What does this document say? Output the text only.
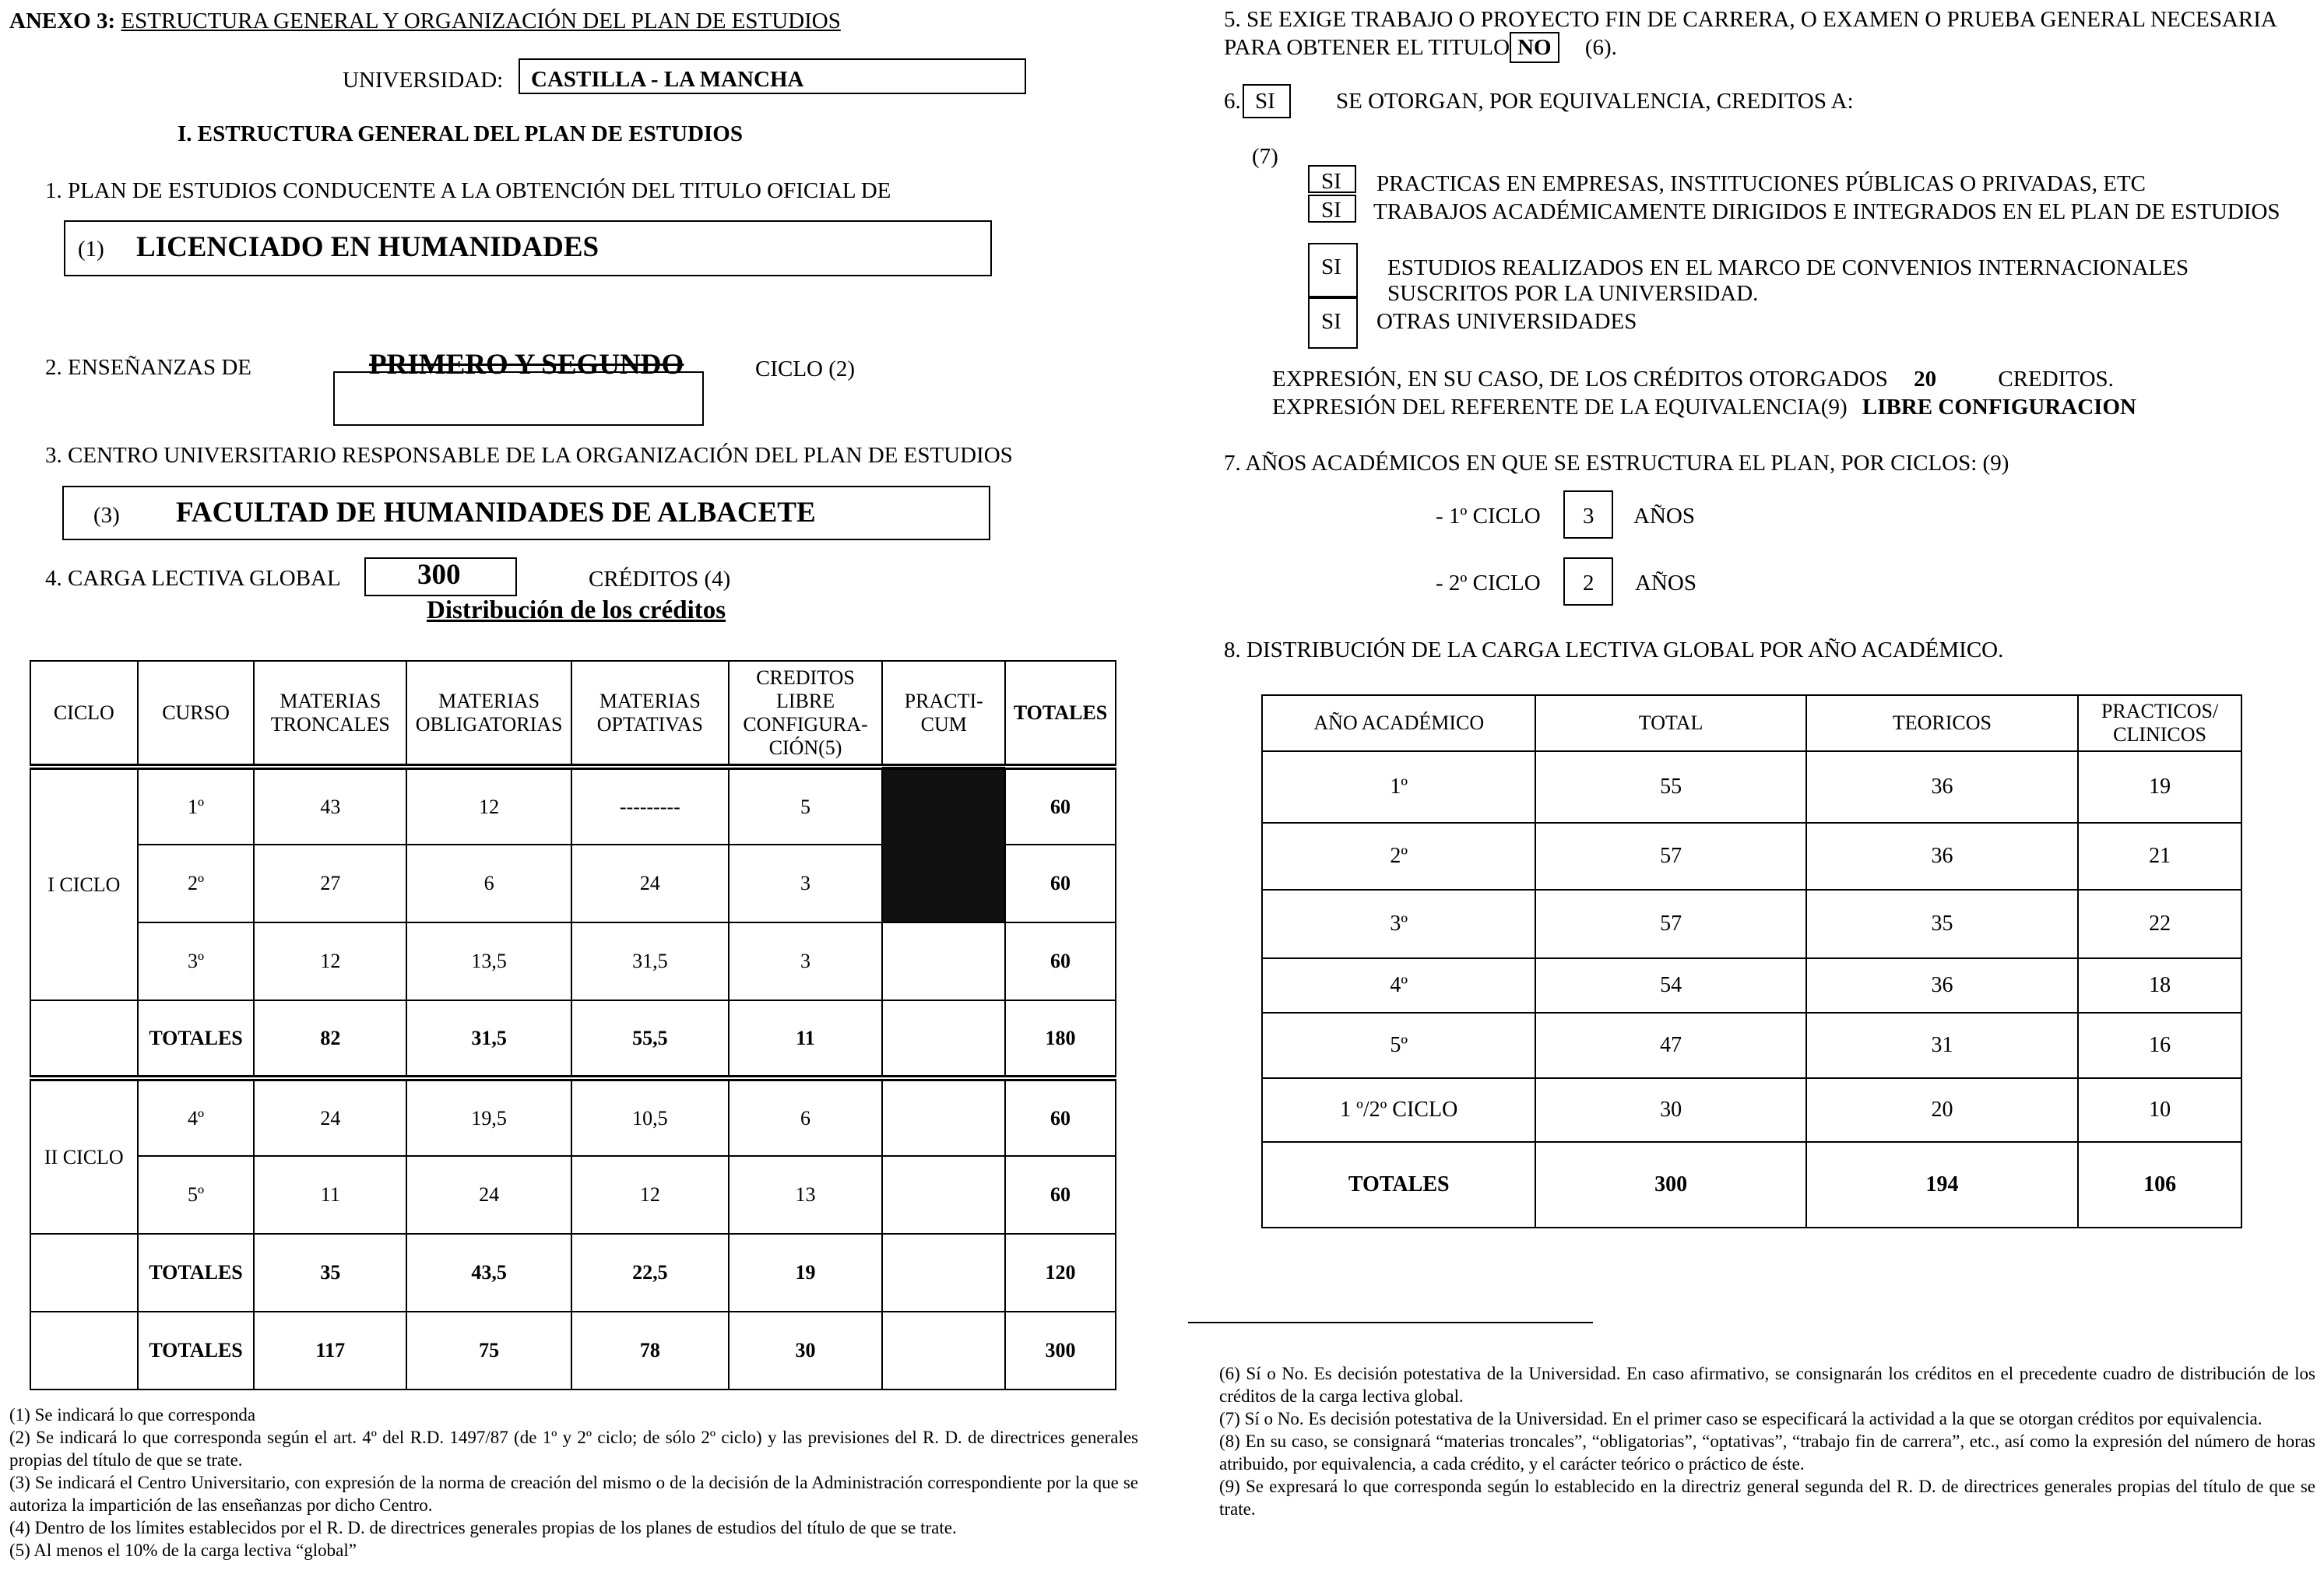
ANEXO 3: ESTRUCTURA GENERAL Y ORGANIZACIÓN DEL PLAN DE ESTUDIOS
UNIVERSIDAD: CASTILLA - LA MANCHA
I. ESTRUCTURA GENERAL DEL PLAN DE ESTUDIOS
1. PLAN DE ESTUDIOS CONDUCENTE A LA OBTENCIÓN DEL TITULO OFICIAL DE
(1) LICENCIADO EN HUMANIDADES
2. ENSEÑANZAS DE	PRIMERO Y SEGUNDO	CICLO (2)
3. CENTRO UNIVERSITARIO RESPONSABLE DE LA ORGANIZACIÓN DEL PLAN DE ESTUDIOS
(3) FACULTAD DE HUMANIDADES DE ALBACETE
4. CARGA LECTIVA GLOBAL	300	CRÉDITOS (4)
Distribución de los créditos
CICLO	CURSO	MATERIAS TRONCALES	MATERIAS OBLIGATORIAS	MATERIAS OPTATIVAS	CREDITOS LIBRE CONFIGURA-CIÓN(5)	PRACTI-CUM	TOTALES
I CICLO	1º	43	12	---------	5		60
	2º	27	6	24	3		60
	3º	12	13,5	31,5	3		60
	TOTALES	82	31,5	55,5	11		180
II CICLO	4º	24	19,5	10,5	6		60
	5º	11	24	12	13		60
	TOTALES	35	43,5	22,5	19		120
	TOTALES	117	75	78	30		300

(1) Se indicará lo que corresponda

(2) Se indicará lo que corresponda según el art. 4º del R.D. 1497/87 (de 1º y 2º ciclo; de sólo 2º ciclo) y las previsiones del R. D. de directrices generales propias del título de que se trate.

(3) Se indicará el Centro Universitario, con expresión de la norma de creación del mismo o de la decisión de la Administración correspondiente por la que se autoriza la impartición de las enseñanzas por dicho Centro.

(4) Dentro de los límites establecidos por el R. D. de directrices generales propias de los planes de estudios del título de que se trate.

(5) Al menos el 10% de la carga lectiva “global”

5. SE EXIGE TRABAJO O PROYECTO FIN DE CARRERA, O EXAMEN O PRUEBA GENERAL NECESARIA
PARA OBTENER EL TITULO NO (6).
6. SI	SE OTORGAN, POR EQUIVALENCIA, CREDITOS A:
(7)
SI PRACTICAS EN EMPRESAS, INSTITUCIONES PÚBLICAS O PRIVADAS, ETC
SI TRABAJOS ACADÉMICAMENTE DIRIGIDOS E INTEGRADOS EN EL PLAN DE ESTUDIOS
SI ESTUDIOS REALIZADOS EN EL MARCO DE CONVENIOS INTERNACIONALES
SUSCRITOS POR LA UNIVERSIDAD.
SI OTRAS UNIVERSIDADES
EXPRESIÓN, EN SU CASO, DE LOS CRÉDITOS OTORGADOS 20	CREDITOS.
EXPRESIÓN DEL REFERENTE DE LA EQUIVALENCIA(9) LIBRE CONFIGURACION
7. AÑOS ACADÉMICOS EN QUE SE ESTRUCTURA EL PLAN, POR CICLOS: (9)
- 1º CICLO 3 AÑOS
- 2º CICLO 2 AÑOS
8. DISTRIBUCIÓN DE LA CARGA LECTIVA GLOBAL POR AÑO ACADÉMICO.
AÑO ACADÉMICO	TOTAL	TEORICOS	PRACTICOS/ CLINICOS
1º	55	36	19
2º	57	36	21
3º	57	35	22
4º	54	36	18
5º	47	31	16
1 º/2º CICLO	30	20	10
TOTALES	300	194	106

(6) Sí o No. Es decisión potestativa de la Universidad. En caso afirmativo, se consignarán los créditos en el precedente cuadro de distribución de los créditos de la carga lectiva global.

(7) Sí o No. Es decisión potestativa de la Universidad. En el primer caso se especificará la actividad a la que se otorgan créditos por equivalencia.

(8) En su caso, se consignará “materias troncales”, “obligatorias”, “optativas”, “trabajo fin de carrera”, etc., así como la expresión del número de horas atribuido, por equivalencia, a cada crédito, y el carácter teórico o práctico de éste.

(9) Se expresará lo que corresponda según lo establecido en la directriz general segunda del R. D. de directrices generales propias del título de que se trate.
